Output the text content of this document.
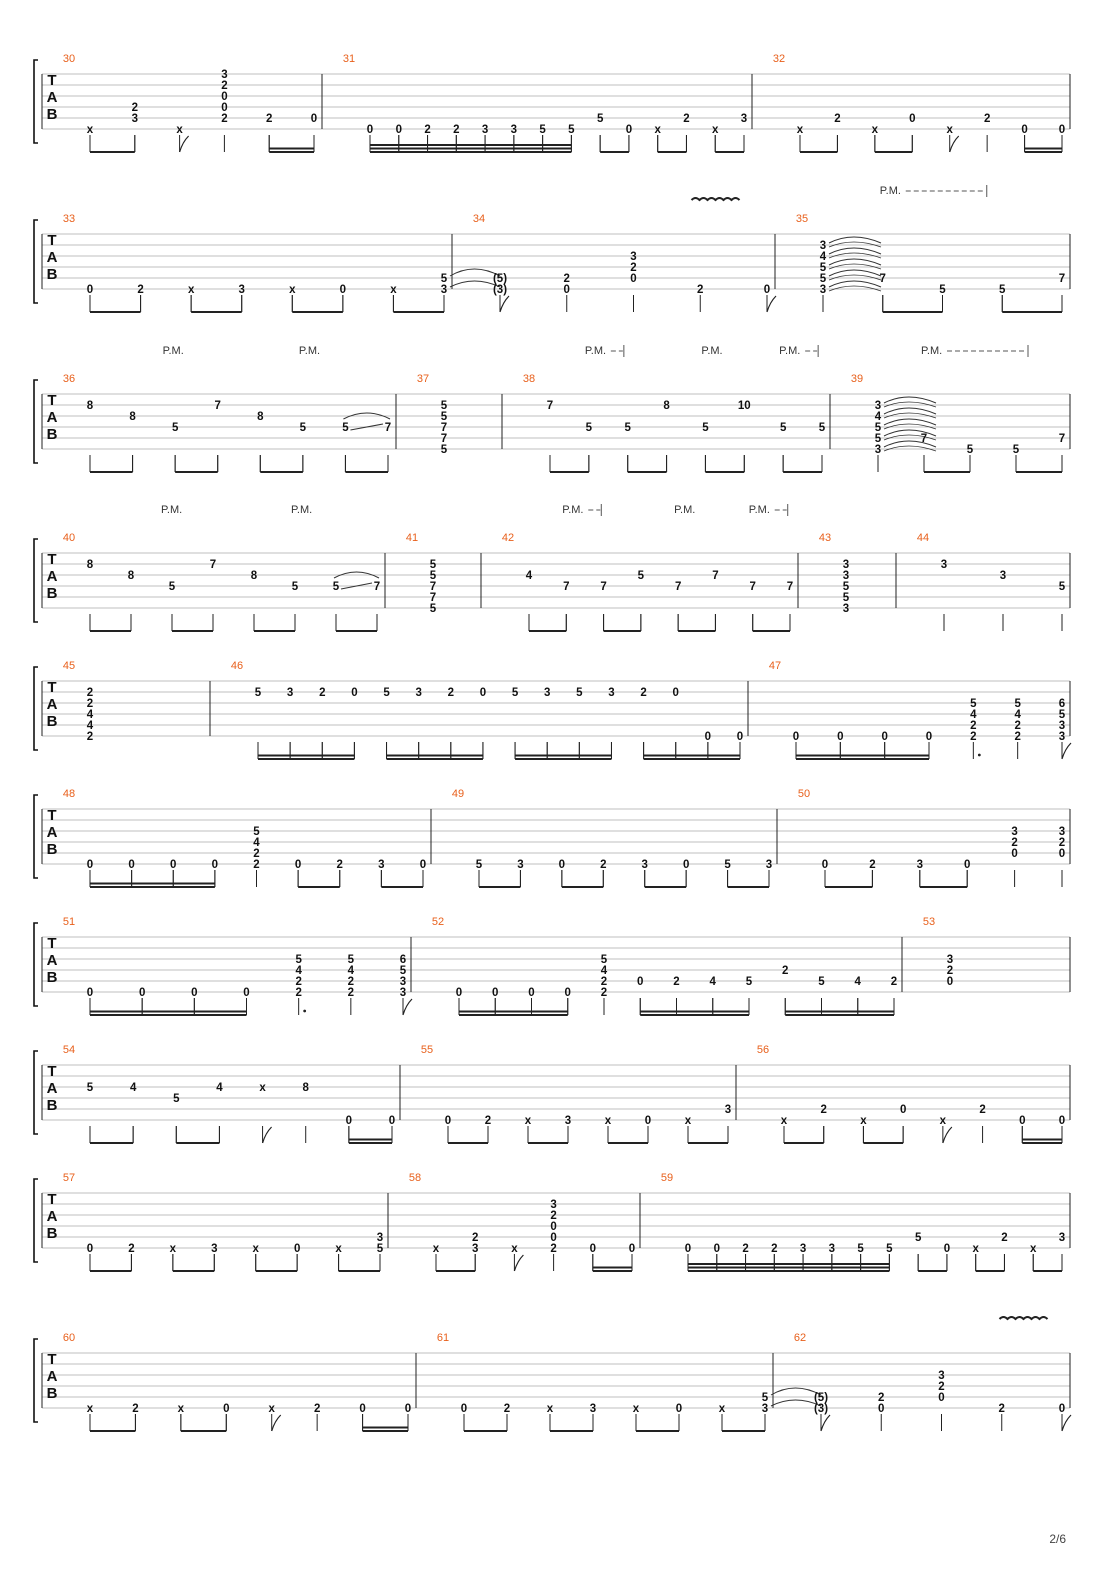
T
A
B
30
x
2
3
x
3
2
0
0
2	2	0
31
0 0 2 2 3 3 5 5
5
0 x
2
x
3
32
x
2
x
0
x
2
0	0
T
A
B
33
0	2	x	3	x	0	x
5
3
34
(5)
(3)
2
0
3
2
0
2	0
35
3
4
5
5
3
7
5	5
7
P.M.
T
A
B
36
8
8
5
7
8
5	5	7
P.M.	P.M.
37
5
5
7
7
5
38
7
5	5
8
5
10
5	5
P.M.	P.M.	P.M.
39
3
4
5
5
3
7
5	5
7
P.M.
T
A
B
40
8
8
5
7
8
5	5	7
P.M.	P.M.
41
5
5
7
7
5
42
4
7	7
5
7
7
7	7
P.M.	P.M.	P.M.
43
3
3
5
5
3
44
3
3
5
T
A
B
45
2
2
4
4
2
46
5 3 2 0 5 3 2 0 5 3 5 3 2 0
0 0
47
0	0	0	0
5
4
2
2
5
4
2
2
6
5
3
3
T
A
B
48
0	0	0	0
5
4
2
2	0	2	3	0
49
5	3	0	2	3	0	5	3
50
0	2	3	0
3
2
0
3
2
0
T
A
B
51
0	0	0	0
5
4
2
2
5
4
2
2
6
5
3
3
52
0	0	0	0
5
4
2
2
0	2	4	5
2
5	4	2
53
3
2
0
T
A
B
54
5	4
5
4	x	8
0	0
55
0	2	x	3	x	0	x
3
56
x
2
x
0
x
2
0	0
T
A
B
57
0	2	x	3	x	0	x
3
5
58
x
2
3	x
3
2
0
0
2	0	0
59
0 0 2 2 3 3 5 5
5
0 x
2
x
3
T
A
B
60
x	2	x	0	x	2	0	0
61
0	2	x	3	x	0	x
5
3
62
(5)
(3)
2
0
3
2
0
2	0
2/6
